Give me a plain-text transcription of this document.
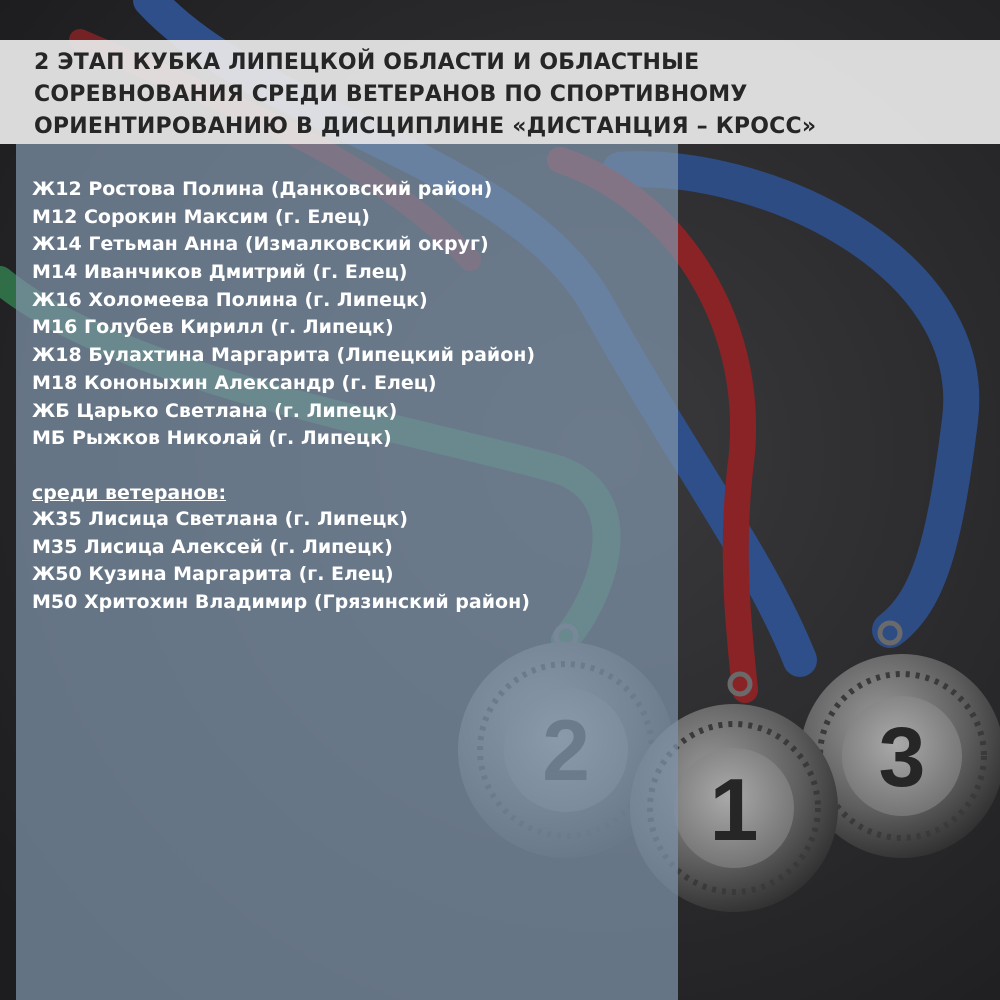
3
1
2 ЭТАП КУБКА ЛИПЕЦКОЙ ОБЛАСТИ И ОБЛАСТНЫЕ
СОРЕВНОВАНИЯ СРЕДИ ВЕТЕРАНОВ ПО СПОРТИВНОМУ
ОРИЕНТИРОВАНИЮ В ДИСЦИПЛИНЕ «ДИСТАНЦИЯ – КРОСС»
Ж12 Ростова Полина (Данковский район)
М12 Сорокин Максим (г. Елец)
Ж14 Гетьман Анна (Измалковский округ)
М14 Иванчиков Дмитрий (г. Елец)
Ж16 Холомеева Полина (г. Липецк)
М16 Голубев Кирилл (г. Липецк)
Ж18 Булахтина Маргарита (Липецкий район)
М18 Кононыхин Александр (г. Елец)
ЖБ Царько Светлана (г. Липецк)
МБ Рыжков Николай (г. Липецк)
среди ветеранов:
Ж35 Лисица Светлана (г. Липецк)
М35 Лисица Алексей (г. Липецк)
Ж50 Кузина Маргарита (г. Елец)
М50 Хритохин Владимир (Грязинский район)
